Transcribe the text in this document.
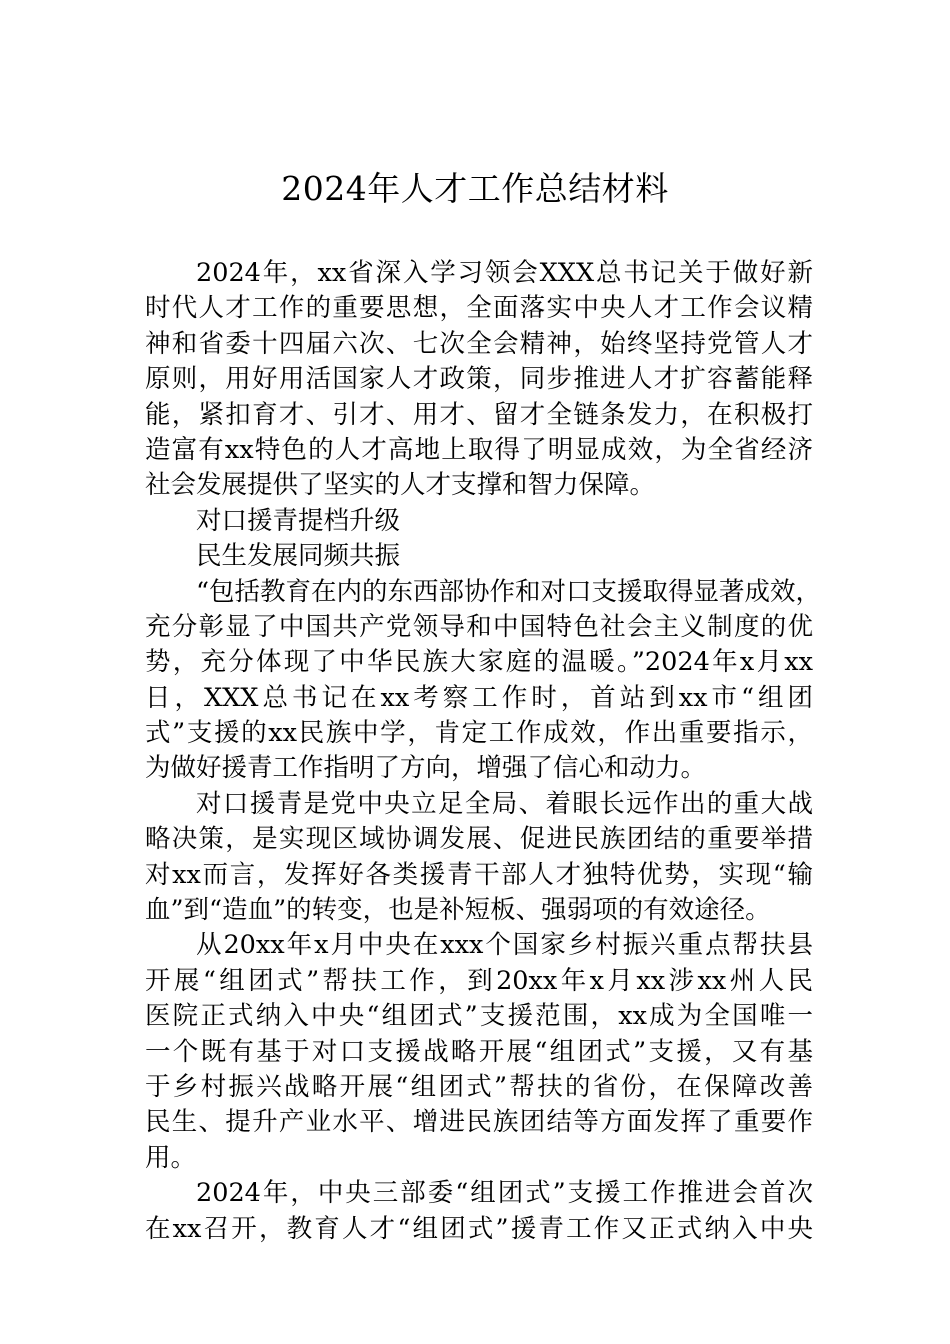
2024年人才工作总结材料
2024年，xx省深入学习领会XXX总书记关于做好新
时代人才工作的重要思想，全面落实中央人才工作会议精
神和省委十四届六次、七次全会精神，始终坚持党管人才
原则，用好用活国家人才政策，同步推进人才扩容蓄能释
能，紧扣育才、引才、用才、留才全链条发力，在积极打
造富有xx特色的人才高地上取得了明显成效，为全省经济
社会发展提供了坚实的人才支撑和智力保障。
对口援青提档升级
民生发展同频共振
“包括教育在内的东西部协作和对口支援取得显著成效，
充分彰显了中国共产党领导和中国特色社会主义制度的优
势，充分体现了中华民族大家庭的温暖。”2024年x月xx
日，XXX总书记在xx考察工作时，首站到xx市“组团
式”支援的xx民族中学，肯定工作成效，作出重要指示，
为做好援青工作指明了方向，增强了信心和动力。
对口援青是党中央立足全局、着眼长远作出的重大战
略决策，是实现区域协调发展、促进民族团结的重要举措
对xx而言，发挥好各类援青干部人才独特优势，实现“输
血”到“造血”的转变，也是补短板、强弱项的有效途径。
从20xx年x月中央在xxx个国家乡村振兴重点帮扶县
开展“组团式”帮扶工作，到20xx年x月xx涉xx州人民
医院正式纳入中央“组团式”支援范围，xx成为全国唯一
一个既有基于对口支援战略开展“组团式”支援，又有基
于乡村振兴战略开展“组团式”帮扶的省份，在保障改善
民生、提升产业水平、增进民族团结等方面发挥了重要作
用。
2024年，中央三部委“组团式”支援工作推进会首次
在xx召开，教育人才“组团式”援青工作又正式纳入中央
